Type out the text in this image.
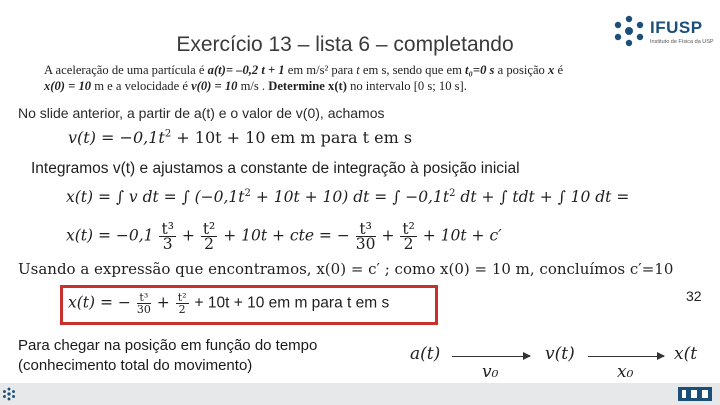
Exercício 13 – lista 6 – completando
IFUSP
Instituto de Física da USP
A aceleração de uma partícula é a(t)= –0,2 t + 1 em m/s² para t em s, sendo que em t₀=0 s a posição x é
x(0) = 10 m e a velocidade é v(0) = 10 m/s . Determine x(t) no intervalo [0 s; 10 s].
No slide anterior, a partir de a(t) e o valor de v(0), achamos
$v(t) = -0,1t^2 + 10t + 10$ em m para t em s
Integramos v(t) e ajustamos a constante de integração à posição inicial
x(t) = ∫ v dt = ∫ $(-0,1t^2 + 10t + 10)$ dt = ∫ $-0,1t^2$ dt + ∫ tdt + ∫ 10 dt =
$x(t) = -0,1 \frac{\text{t³}}{3} + \frac{\text{t²}}{2} + 10t$ + cte = − $\frac{\text{t³}}{30} + \frac{\text{t²}}{2} + 10t + c'$
Usando a expressão que encontramos, x(0) = c′ ; como x(0) = 10 m, concluímos c′=10
x(t) = − $\frac{\text{t³}}{30} + \frac{\text{t²}}{2} + 10t + 10$ em m para t em s	32
Para chegar na posição em função do tempo (conhecimento total do movimento)
a(t)
v₀
v(t)
x₀
x(t
